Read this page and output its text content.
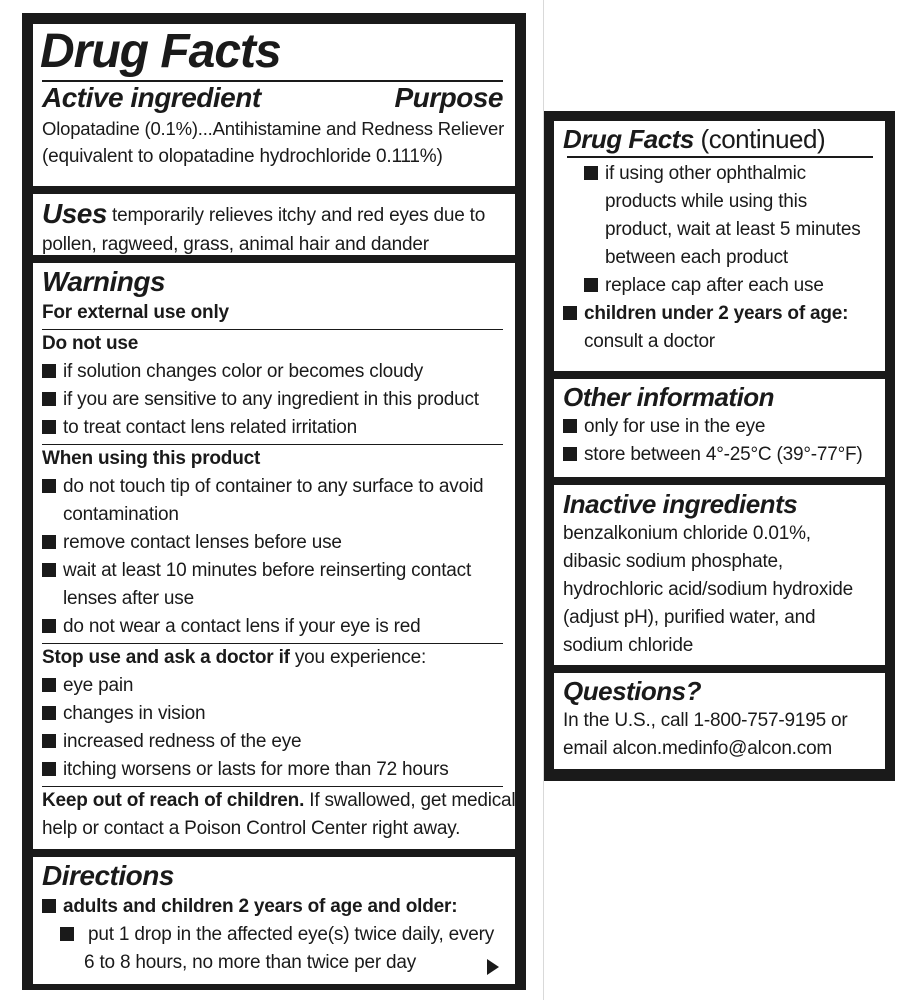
Drug Facts
Active ingredient	Purpose
Olopatadine (0.1%)...Antihistamine and Redness Reliever
(equivalent to olopatadine hydrochloride 0.111%)
Uses temporarily relieves itchy and red eyes due to
pollen, ragweed, grass, animal hair and dander
Warnings
For external use only
Do not use
if solution changes color or becomes cloudy
if you are sensitive to any ingredient in this product
to treat contact lens related irritation
When using this product
do not touch tip of container to any surface to avoid
contamination
remove contact lenses before use
wait at least 10 minutes before reinserting contact
lenses after use
do not wear a contact lens if your eye is red
Stop use and ask a doctor if you experience:
eye pain
changes in vision
increased redness of the eye
itching worsens or lasts for more than 72 hours
Keep out of reach of children. If swallowed, get medical
help or contact a Poison Control Center right away.
Directions
adults and children 2 years of age and older:
put 1 drop in the affected eye(s) twice daily, every
6 to 8 hours, no more than twice per day
Drug Facts (continued)
if using other ophthalmic
products while using this
product, wait at least 5 minutes
between each product
replace cap after each use
children under 2 years of age:
consult a doctor
Other information
only for use in the eye
store between 4°-25°C (39°-77°F)
Inactive ingredients
benzalkonium chloride 0.01%,
dibasic sodium phosphate,
hydrochloric acid/sodium hydroxide
(adjust pH), purified water, and
sodium chloride
Questions?
In the U.S., call 1-800-757-9195 or
email alcon.medinfo@alcon.com
